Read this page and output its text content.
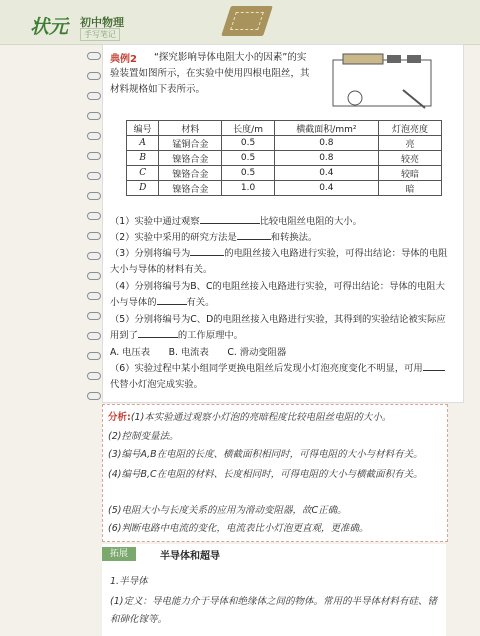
状元 初中物理
手写笔记
典例2	“探究影响导体电阻大小的因素”的实验装置如图所示，在实验中使用四根电阻丝，其材料规格如下表所示。
编号	材料	长度/m	横截面积/mm²	灯泡亮度
A	锰铜合金	0.5	0.8	亮
B	镍铬合金	0.5	0.8	较亮
C	镍铬合金	0.5	0.4	较暗
D	镍铬合金	1.0	0.4	暗
（1）实验中通过观察	比较电阻丝电阻的大小。
（2）实验中采用的研究方法是	和转换法。
（3）分别将编号为	的电阻丝接入电路进行实验，可得出结论：导体的电阻大小与导体的材料有关。
（4）分别将编号为B、C的电阻丝接入电路进行实验，可得出结论：导体的电阻大小与导体的	有关。
（5）分别将编号为C、D的电阻丝接入电路进行实验，其得到的实验结论被实际应用到了	的工作原理中。
A. 电压表　　B. 电流表　　C. 滑动变阻器
（6）实验过程中某小组同学更换电阻丝后发现小灯泡亮度变化不明显，可用代替小灯泡完成实验。
分析:(1)本实验通过观察小灯泡的亮暗程度比较电阻丝电阻的大小。
(2)控制变量法。
(3)编号A,B在电阻的长度、横截面积相同时，可得电阻的大小与材料有关。
(4)编号B,C在电阻的材料、长度相同时，可得电阻的大小与横截面积有关。
(5)电阻大小与长度关系的应用为滑动变阻器，故C正确。
(6)判断电路中电流的变化，电流表比小灯泡更直观，更准确。
拓展	半导体和超导
1.半导体
(1)定义：导电能力介于导体和绝缘体之间的物体。常用的半导体材料有硅、锗和砷化镓等。
